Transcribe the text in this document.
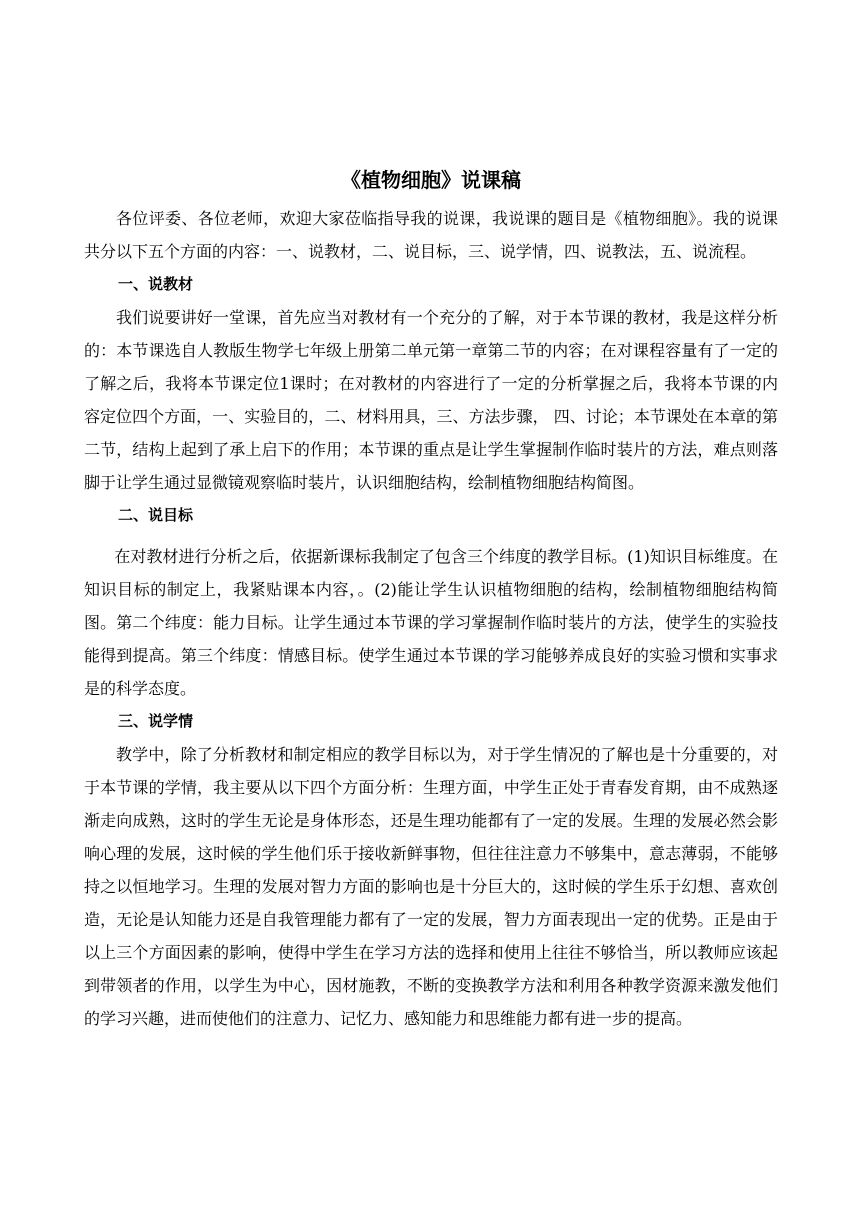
《植物细胞》说课稿

各位评委、各位老师，欢迎大家莅临指导我的说课，我说课的题目是《植物细胞》。我的说课共分以下五个方面的内容：一、说教材，二、说目标，三、说学情，四、说教法，五、说流程。

一、说教材

我们说要讲好一堂课，首先应当对教材有一个充分的了解，对于本节课的教材，我是这样分析的：本节课选自人教版生物学七年级上册第二单元第一章第二节的内容；在对课程容量有了一定的了解之后，我将本节课定位1课时；在对教材的内容进行了一定的分析掌握之后，我将本节课的内容定位四个方面，一、实验目的，二、材料用具，三、方法步骤， 四、讨论；本节课处在本章的第二节，结构上起到了承上启下的作用；本节课的重点是让学生掌握制作临时装片的方法，难点则落脚于让学生通过显微镜观察临时装片，认识细胞结构，绘制植物细胞结构简图。

二、说目标

在对教材进行分析之后，依据新课标我制定了包含三个纬度的教学目标。(1)知识目标维度。在知识目标的制定上，我紧贴课本内容，。(2)能让学生认识植物细胞的结构，绘制植物细胞结构简图。第二个纬度：能力目标。让学生通过本节课的学习掌握制作临时装片的方法，使学生的实验技能得到提高。第三个纬度：情感目标。使学生通过本节课的学习能够养成良好的实验习惯和实事求是的科学态度。

三、说学情

教学中，除了分析教材和制定相应的教学目标以为，对于学生情况的了解也是十分重要的，对于本节课的学情，我主要从以下四个方面分析：生理方面，中学生正处于青春发育期，由不成熟逐渐走向成熟，这时的学生无论是身体形态，还是生理功能都有了一定的发展。生理的发展必然会影响心理的发展，这时候的学生他们乐于接收新鲜事物，但往往注意力不够集中，意志薄弱，不能够持之以恒地学习。生理的发展对智力方面的影响也是十分巨大的，这时候的学生乐于幻想、喜欢创造，无论是认知能力还是自我管理能力都有了一定的发展，智力方面表现出一定的优势。正是由于以上三个方面因素的影响，使得中学生在学习方法的选择和使用上往往不够恰当，所以教师应该起到带领者的作用，以学生为中心，因材施教，不断的变换教学方法和利用各种教学资源来激发他们的学习兴趣，进而使他们的注意力、记忆力、感知能力和思维能力都有进一步的提高。
